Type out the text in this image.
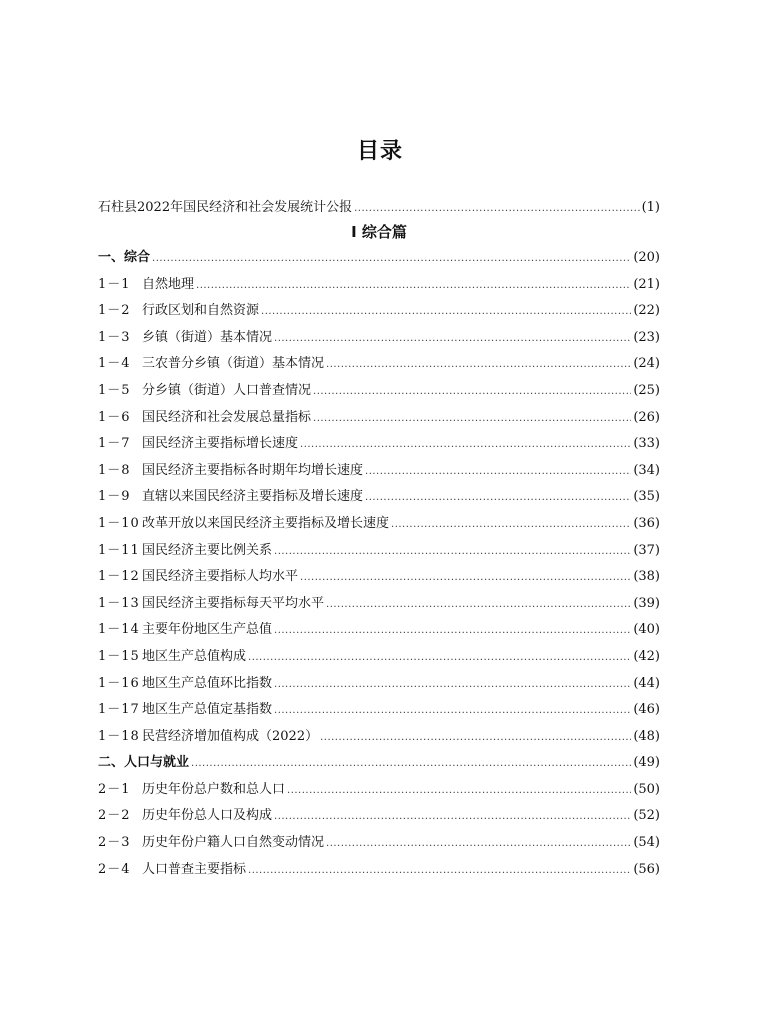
目录
石柱县2022年国民经济和社会发展统计公报 .....	(1)
Ⅰ 综合篇
一、综合 .....	(20)
1－1 自然地理 .....	(21)
1－2 行政区划和自然资源 .....	(22)
1－3 乡镇（街道）基本情况 .....	(23)
1－4 三农普分乡镇（街道）基本情况 .....	(24)
1－5 分乡镇（街道）人口普查情况 .....	(25)
1－6 国民经济和社会发展总量指标 .....	(26)
1－7 国民经济主要指标增长速度 .....	(33)
1－8 国民经济主要指标各时期年均增长速度 .....	(34)
1－9 直辖以来国民经济主要指标及增长速度 .....	(35)
1－10 改革开放以来国民经济主要指标及增长速度 .....	(36)
1－11 国民经济主要比例关系 .....	(37)
1－12 国民经济主要指标人均水平 .....	(38)
1－13 国民经济主要指标每天平均水平 .....	(39)
1－14 主要年份地区生产总值 .....	(40)
1－15 地区生产总值构成 .....	(42)
1－16 地区生产总值环比指数 .....	(44)
1－17 地区生产总值定基指数 .....	(46)
1－18 民营经济增加值构成（2022） .....	(48)
二、人口与就业 .....	(49)
2－1 历史年份总户数和总人口 .....	(50)
2－2 历史年份总人口及构成 .....	(52)
2－3 历史年份户籍人口自然变动情况 .....	(54)
2－4 人口普查主要指标 .....	(56)
